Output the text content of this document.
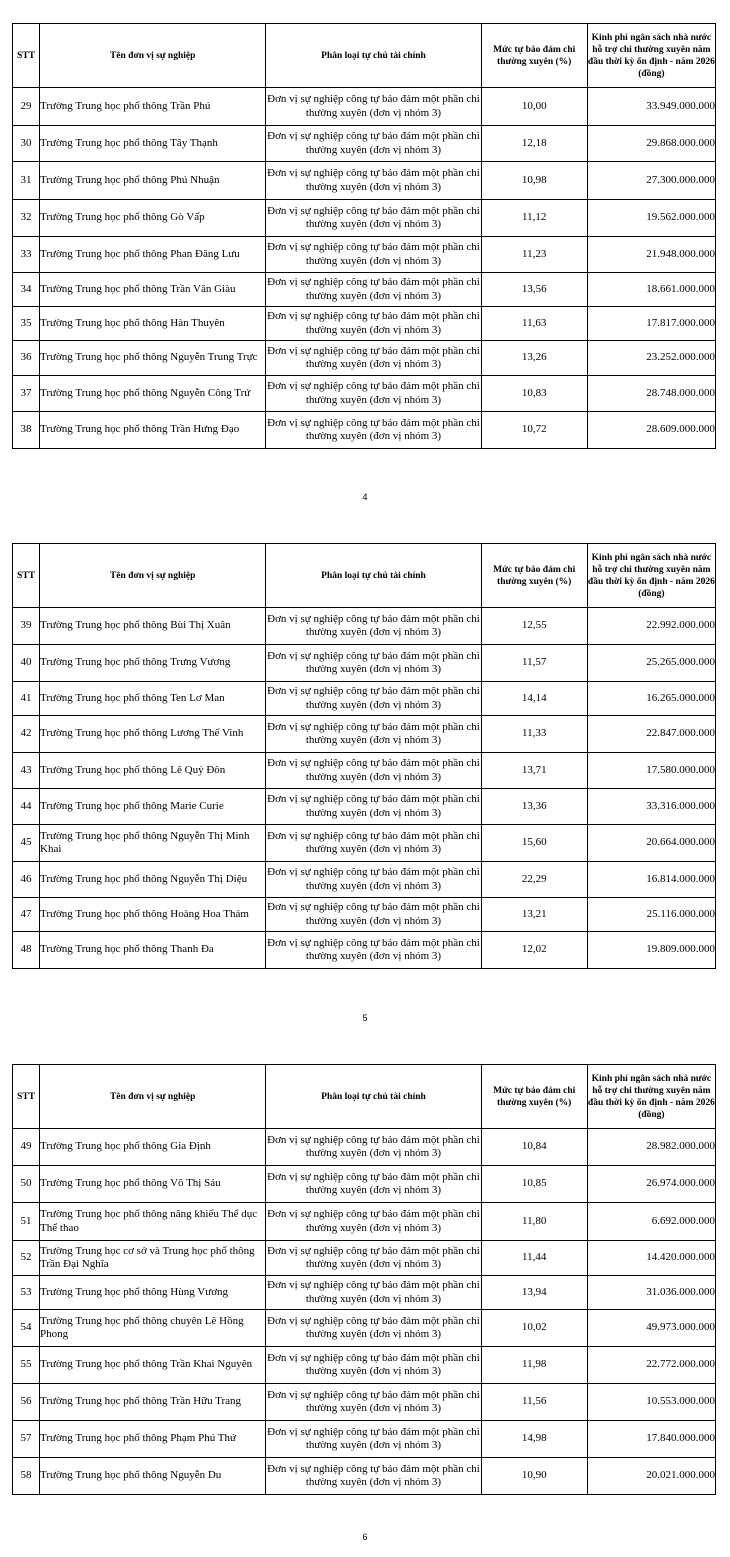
STT	Tên đơn vị sự nghiệp	Phân loại tự chủ tài chính	Mức tự bảo đảm chi thường xuyên (%)	Kinh phí ngân sách nhà nước hỗ trợ chi thường xuyên năm đầu thời kỳ ổn định - năm 2026 (đồng)
29	Trường Trung học phổ thông Trần Phú	Đơn vị sự nghiệp công tự bảo đảm một phần chi thường xuyên (đơn vị nhóm 3)	10,00	33.949.000.000
30	Trường Trung học phổ thông Tây Thạnh	Đơn vị sự nghiệp công tự bảo đảm một phần chi thường xuyên (đơn vị nhóm 3)	12,18	29.868.000.000
31	Trường Trung học phổ thông Phú Nhuận	Đơn vị sự nghiệp công tự bảo đảm một phần chi thường xuyên (đơn vị nhóm 3)	10,98	27.300.000.000
32	Trường Trung học phổ thông Gò Vấp	Đơn vị sự nghiệp công tự bảo đảm một phần chi thường xuyên (đơn vị nhóm 3)	11,12	19.562.000.000
33	Trường Trung học phổ thông Phan Đăng Lưu	Đơn vị sự nghiệp công tự bảo đảm một phần chi thường xuyên (đơn vị nhóm 3)	11,23	21.948.000.000
34	Trường Trung học phổ thông Trần Văn Giàu	Đơn vị sự nghiệp công tự bảo đảm một phần chi thường xuyên (đơn vị nhóm 3)	13,56	18.661.000.000
35	Trường Trung học phổ thông Hàn Thuyên	Đơn vị sự nghiệp công tự bảo đảm một phần chi thường xuyên (đơn vị nhóm 3)	11,63	17.817.000.000
36	Trường Trung học phổ thông Nguyễn Trung Trực	Đơn vị sự nghiệp công tự bảo đảm một phần chi thường xuyên (đơn vị nhóm 3)	13,26	23.252.000.000
37	Trường Trung học phổ thông Nguyễn Công Trứ	Đơn vị sự nghiệp công tự bảo đảm một phần chi thường xuyên (đơn vị nhóm 3)	10,83	28.748.000.000
38	Trường Trung học phổ thông Trần Hưng Đạo	Đơn vị sự nghiệp công tự bảo đảm một phần chi thường xuyên (đơn vị nhóm 3)	10,72	28.609.000.000
4
STT	Tên đơn vị sự nghiệp	Phân loại tự chủ tài chính	Mức tự bảo đảm chi thường xuyên (%)	Kinh phí ngân sách nhà nước hỗ trợ chi thường xuyên năm đầu thời kỳ ổn định - năm 2026 (đồng)
39	Trường Trung học phổ thông Bùi Thị Xuân	Đơn vị sự nghiệp công tự bảo đảm một phần chi thường xuyên (đơn vị nhóm 3)	12,55	22.992.000.000
40	Trường Trung học phổ thông Trưng Vương	Đơn vị sự nghiệp công tự bảo đảm một phần chi thường xuyên (đơn vị nhóm 3)	11,57	25.265.000.000
41	Trường Trung học phổ thông Ten Lơ Man	Đơn vị sự nghiệp công tự bảo đảm một phần chi thường xuyên (đơn vị nhóm 3)	14,14	16.265.000.000
42	Trường Trung học phổ thông Lương Thế Vinh	Đơn vị sự nghiệp công tự bảo đảm một phần chi thường xuyên (đơn vị nhóm 3)	11,33	22.847.000.000
43	Trường Trung học phổ thông Lê Quý Đôn	Đơn vị sự nghiệp công tự bảo đảm một phần chi thường xuyên (đơn vị nhóm 3)	13,71	17.580.000.000
44	Trường Trung học phổ thông Marie Curie	Đơn vị sự nghiệp công tự bảo đảm một phần chi thường xuyên (đơn vị nhóm 3)	13,36	33.316.000.000
45	Trường Trung học phổ thông Nguyễn Thị Minh Khai	Đơn vị sự nghiệp công tự bảo đảm một phần chi thường xuyên (đơn vị nhóm 3)	15,60	20.664.000.000
46	Trường Trung học phổ thông Nguyễn Thị Diệu	Đơn vị sự nghiệp công tự bảo đảm một phần chi thường xuyên (đơn vị nhóm 3)	22,29	16.814.000.000
47	Trường Trung học phổ thông Hoàng Hoa Thám	Đơn vị sự nghiệp công tự bảo đảm một phần chi thường xuyên (đơn vị nhóm 3)	13,21	25.116.000.000
48	Trường Trung học phổ thông Thanh Đa	Đơn vị sự nghiệp công tự bảo đảm một phần chi thường xuyên (đơn vị nhóm 3)	12,02	19.809.000.000
5
STT	Tên đơn vị sự nghiệp	Phân loại tự chủ tài chính	Mức tự bảo đảm chi thường xuyên (%)	Kinh phí ngân sách nhà nước hỗ trợ chi thường xuyên năm đầu thời kỳ ổn định - năm 2026 (đồng)
49	Trường Trung học phổ thông Gia Định	Đơn vị sự nghiệp công tự bảo đảm một phần chi thường xuyên (đơn vị nhóm 3)	10,84	28.982.000.000
50	Trường Trung học phổ thông Võ Thị Sáu	Đơn vị sự nghiệp công tự bảo đảm một phần chi thường xuyên (đơn vị nhóm 3)	10,85	26.974.000.000
51	Trường Trung học phổ thông năng khiếu Thể dục Thể thao	Đơn vị sự nghiệp công tự bảo đảm một phần chi thường xuyên (đơn vị nhóm 3)	11,80	6.692.000.000
52	Trường Trung học cơ sở và Trung học phổ thông Trần Đại Nghĩa	Đơn vị sự nghiệp công tự bảo đảm một phần chi thường xuyên (đơn vị nhóm 3)	11,44	14.420.000.000
53	Trường Trung học phổ thông Hùng Vương	Đơn vị sự nghiệp công tự bảo đảm một phần chi thường xuyên (đơn vị nhóm 3)	13,94	31.036.000.000
54	Trường Trung học phổ thông chuyên Lê Hồng Phong	Đơn vị sự nghiệp công tự bảo đảm một phần chi thường xuyên (đơn vị nhóm 3)	10,02	49.973.000.000
55	Trường Trung học phổ thông Trần Khai Nguyên	Đơn vị sự nghiệp công tự bảo đảm một phần chi thường xuyên (đơn vị nhóm 3)	11,98	22.772.000.000
56	Trường Trung học phổ thông Trần Hữu Trang	Đơn vị sự nghiệp công tự bảo đảm một phần chi thường xuyên (đơn vị nhóm 3)	11,56	10.553.000.000
57	Trường Trung học phổ thông Phạm Phú Thứ	Đơn vị sự nghiệp công tự bảo đảm một phần chi thường xuyên (đơn vị nhóm 3)	14,98	17.840.000.000
58	Trường Trung học phổ thông Nguyễn Du	Đơn vị sự nghiệp công tự bảo đảm một phần chi thường xuyên (đơn vị nhóm 3)	10,90	20.021.000.000
6
